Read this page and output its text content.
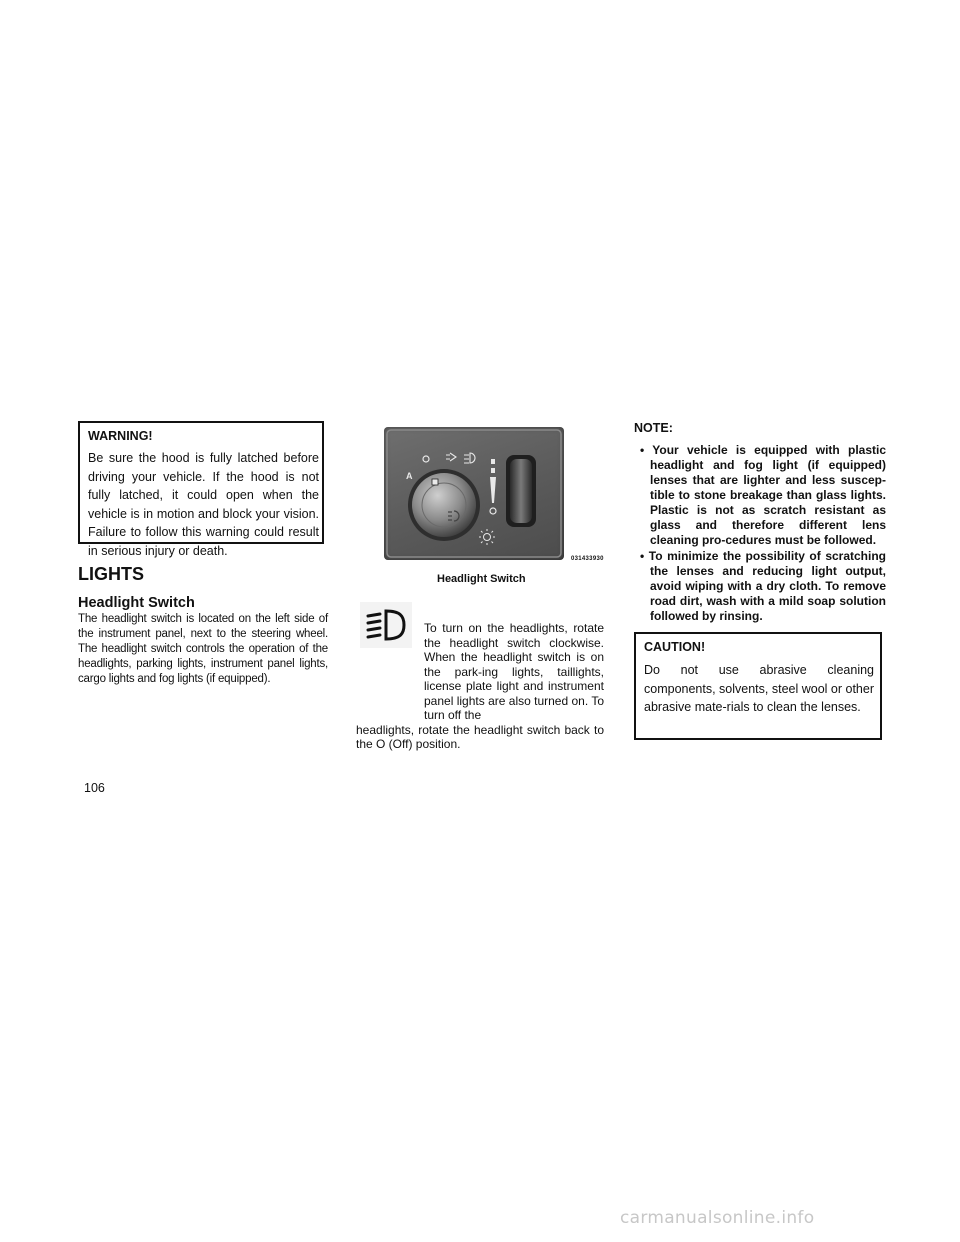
WARNING!
Be sure the hood is fully latched before driving your vehicle. If the hood is not fully latched, it could open when the vehicle is in motion and block your vision. Failure to follow this warning could result in serious injury or death.
LIGHTS
Headlight Switch
The headlight switch is located on the left side of the instrument panel, next to the steering wheel. The headlight switch controls the operation of the headlights, parking lights, instrument panel lights, cargo lights and fog lights (if equipped).
A
031433930
Headlight Switch
To turn on the headlights, rotate the headlight switch clockwise. When the headlight switch is on the park-ing lights, taillights, license plate light and instrument panel lights are also turned on. To turn off the
headlights, rotate the headlight switch back to the O (Off) position.
NOTE:
• Your vehicle is equipped with plastic headlight and fog light (if equipped) lenses that are lighter and less suscep-tible to stone breakage than glass lights. Plastic is not as scratch resistant as glass and therefore different lens cleaning pro-cedures must be followed.
• To minimize the possibility of scratching the lenses and reducing light output, avoid wiping with a dry cloth. To remove road dirt, wash with a mild soap solution followed by rinsing.
CAUTION!
Do not use abrasive cleaning components, solvents, steel wool or other abrasive mate-rials to clean the lenses.
106
carmanualsonline.info
